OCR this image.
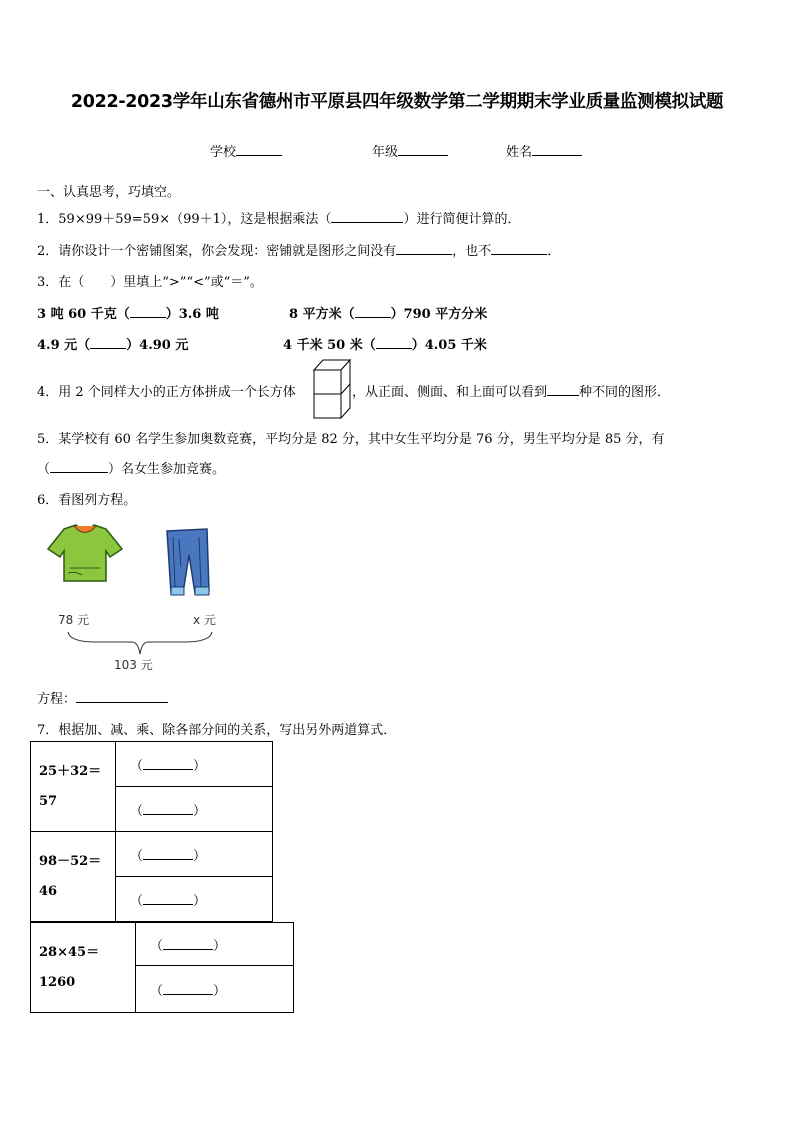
2022-2023学年山东省德州市平原县四年级数学第二学期期末学业质量监测模拟试题
学校	年级	姓名
一、认真思考，巧填空。
1．59×99＋59=59×（99＋1），这是根据乘法（	）进行简便计算的．
2．请你设计一个密铺图案，你会发现：密铺就是图形之间没有	，也不	．
3．在（　　）里填上“>”“<”或“＝”。
3 吨 60 千克（	）3.6 吨	8 平方米（	）790 平方分米
4.9 元（	）4.90 元	4 千米 50 米（	）4.05 千米
4．用 2 个同样大小的正方体拼成一个长方体	，从正面、侧面、和上面可以看到 种不同的图形．
5．某学校有 60 名学生参加奥数竞赛，平均分是 82 分，其中女生平均分是 76 分，男生平均分是 85 分，有
（	）名女生参加竞赛。
6．看图列方程。
78 元	x 元
103 元
方程：
7．根据加、减、乘、除各部分间的关系，写出另外两道算式．
25＋32＝
57	（ ）
	（ ）

98－52＝
46	（ ）
	（ ）
28×45＝1260	（	）
（	）
